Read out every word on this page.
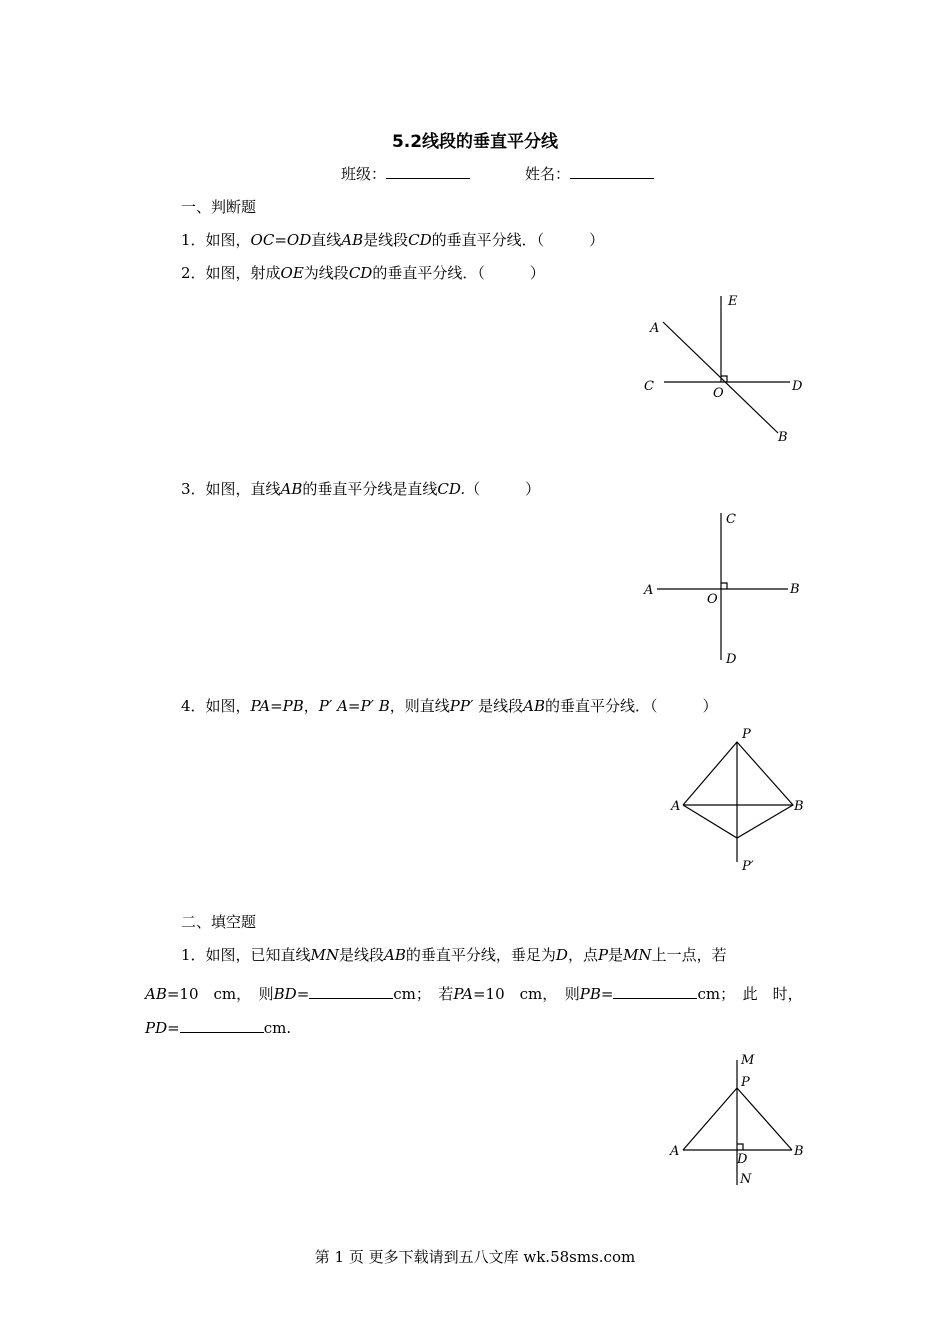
5.2线段的垂直平分线
班级：	姓名：
一、判断题
1．如图，OC=OD直线AB是线段CD的垂直平分线．（　　　）
2．如图，射成OE为线段CD的垂直平分线．（　　　）
E
A
C	O	D
B
3．如图，直线AB的垂直平分线是直线CD.（　　　）
C
A
O
B
D
4．如图，PA=PB，P′ A=P′ B，则直线PP′ 是线段AB的垂直平分线．（　　　）
P
A	B
P′
二、填空题
1．如图，已知直线MN是线段AB的垂直平分线，垂足为D，点P是MN上一点，若
AB=10　cm，　则BD=	cm；　若PA=10　cm，　则PB=	cm；　此　时，
PD=	cm.
M
P
A
D
B
N
第 1 页 更多下载请到五八文库 wk.58sms.com
